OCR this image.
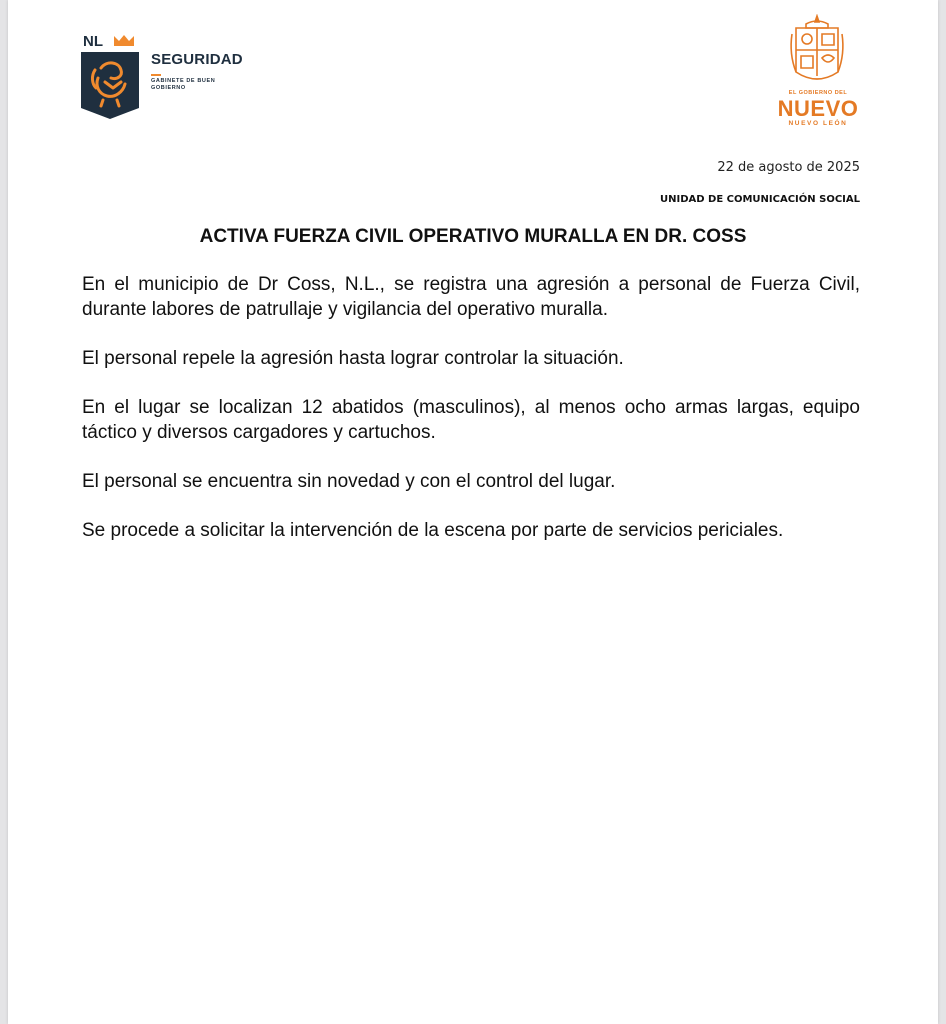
NL
SEGURIDAD
GABINETE DE BUEN GOBIERNO
EL GOBIERNO DEL
NUEVO
NUEVO LEÓN
22 de agosto de 2025
UNIDAD DE COMUNICACIÓN SOCIAL
ACTIVA FUERZA CIVIL OPERATIVO MURALLA EN DR. COSS

En el municipio de Dr Coss, N.L., se registra una agresión a personal de Fuerza Civil, durante labores de patrullaje y vigilancia del operativo muralla.

El personal repele la agresión hasta lograr controlar la situación.

En el lugar se localizan 12 abatidos (masculinos), al menos ocho armas largas, equipo táctico y diversos cargadores y cartuchos.

El personal se encuentra sin novedad y con el control del lugar.

Se procede a solicitar la intervención de la escena por parte de servicios periciales.
